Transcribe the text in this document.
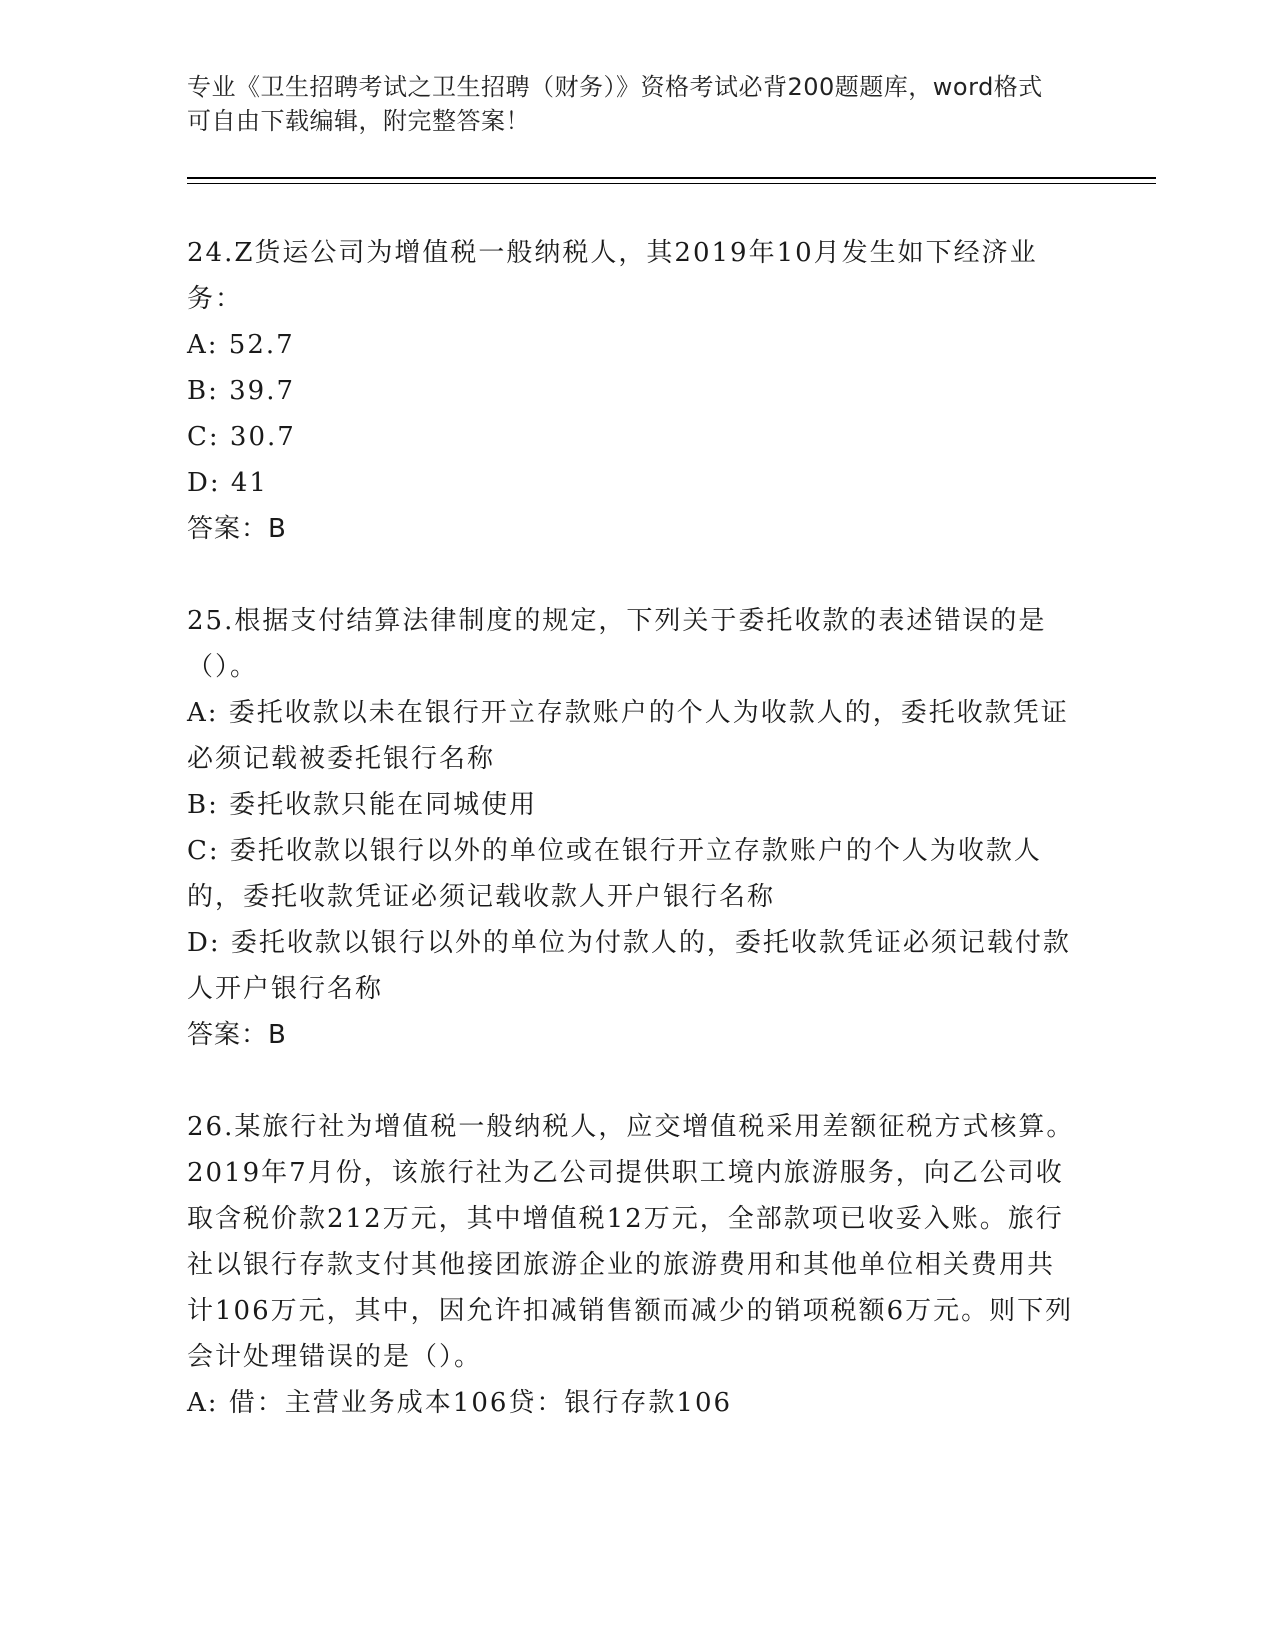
专业《卫生招聘考试之卫生招聘（财务）》资格考试必背200题题库，word格式
可自由下载编辑，附完整答案！

24.Z货运公司为增值税一般纳税人，其2019年10月发生如下经济业务：

A: 52.7

B: 39.7

C: 30.7

D: 41

答案：B

25.根据支付结算法律制度的规定，下列关于委托收款的表述错误的是（）。

A: 委托收款以未在银行开立存款账户的个人为收款人的，委托收款凭证必须记载被委托银行名称

B: 委托收款只能在同城使用

C: 委托收款以银行以外的单位或在银行开立存款账户的个人为收款人的，委托收款凭证必须记载收款人开户银行名称

D: 委托收款以银行以外的单位为付款人的，委托收款凭证必须记载付款人开户银行名称

答案：B

26.某旅行社为增值税一般纳税人，应交增值税采用差额征税方式核算。2019年7月份，该旅行社为乙公司提供职工境内旅游服务，向乙公司收取含税价款212万元，其中增值税12万元，全部款项已收妥入账。旅行社以银行存款支付其他接团旅游企业的旅游费用和其他单位相关费用共计106万元，其中，因允许扣减销售额而减少的销项税额6万元。则下列会计处理错误的是（）。

A: 借：主营业务成本106贷：银行存款106
